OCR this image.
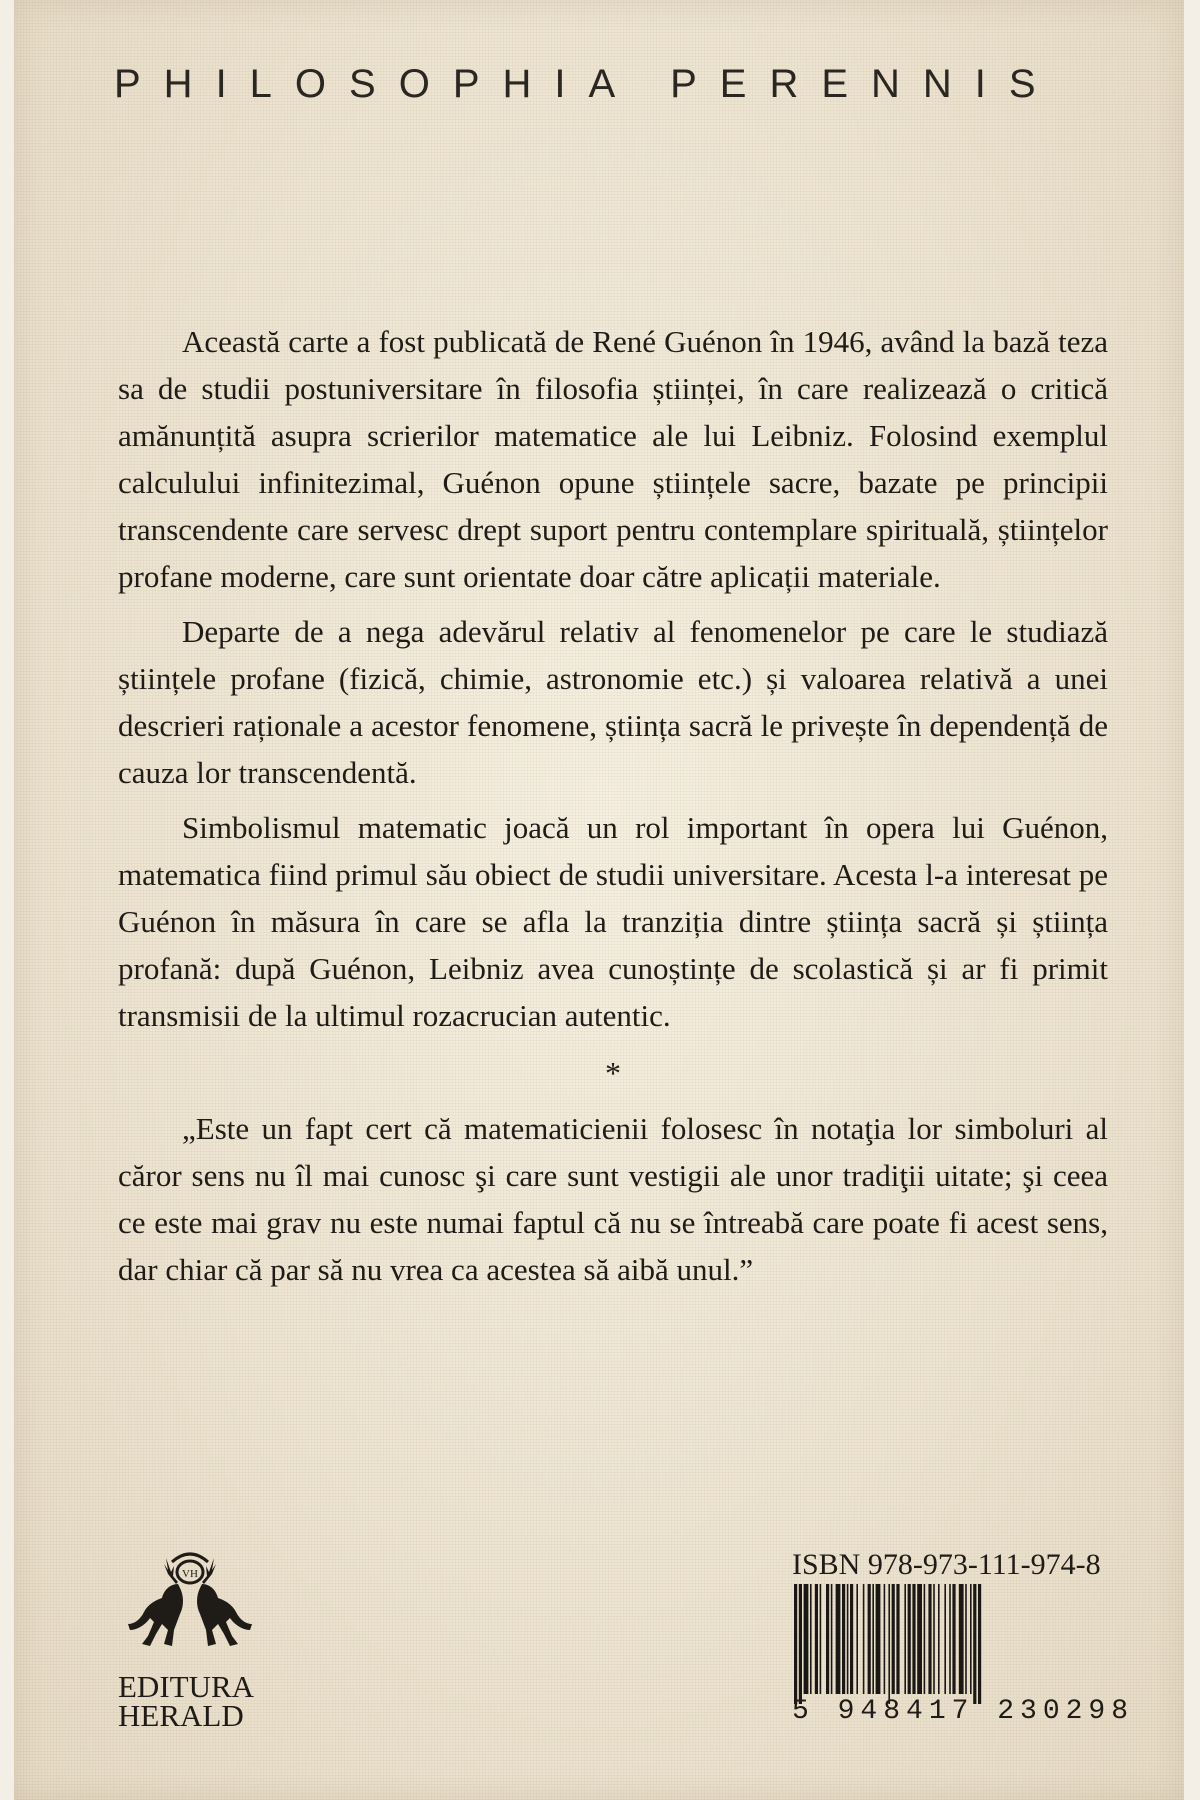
PHILOSOPHIA PERENNIS

Această carte a fost publicată de René Guénon în 1946, având la bază teza sa de studii postuniversitare în filosofia științei, în care realizează o critică amănunțită asupra scrierilor matematice ale lui Leibniz. Folosind exemplul calculului infinitezimal, Guénon opune științele sacre, bazate pe principii transcendente care servesc drept suport pentru contemplare spirituală, științelor profane moderne, care sunt orientate doar către aplicații materiale.

Departe de a nega adevărul relativ al fenomenelor pe care le studiază științele profane (fizică, chimie, astronomie etc.) și valoarea relativă a unei descrieri raționale a acestor fenomene, știința sacră le privește în dependență de cauza lor transcendentă.

Simbolismul matematic joacă un rol important în opera lui Guénon, matematica fiind primul său obiect de studii universitare. Acesta l-a interesat pe Guénon în măsura în care se afla la tranziția dintre știința sacră și știința profană: după Guénon, Leibniz avea cunoștințe de scolastică și ar fi primit transmisii de la ultimul rozacrucian autentic.

*

„Este un fapt cert că matematicienii folosesc în notaţia lor simboluri al căror sens nu îl mai cunosc şi care sunt vestigii ale unor tradiţii uitate; şi ceea ce este mai grav nu este numai faptul că nu se întreabă care poate fi acest sens, dar chiar că par să nu vrea ca acestea să aibă unul.”

VH
EDITURA
HERALD
ISBN 978-973-111-974-8
5 948417 230298
